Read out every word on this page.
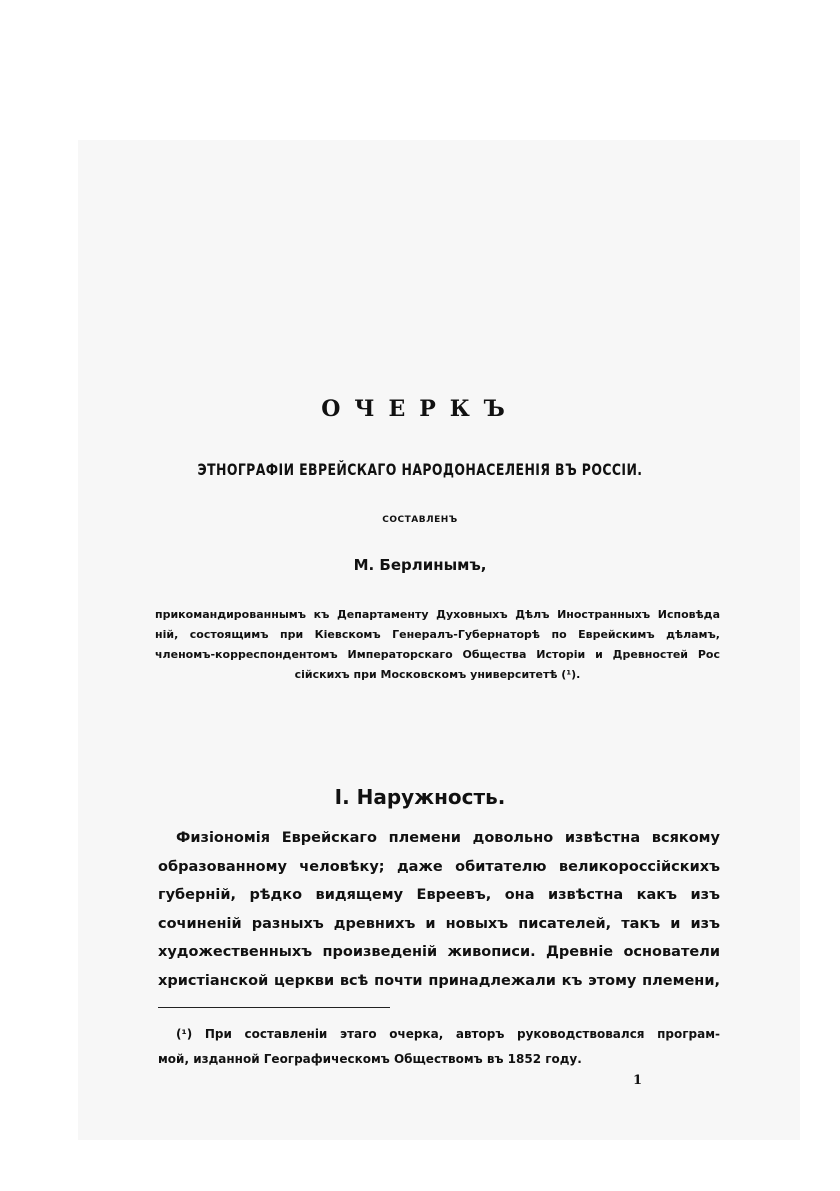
ОЧЕРКЪ
ЭТНОГРАФІИ ЕВРЕЙСКАГО НАРОДОНАСЕЛЕНІЯ ВЪ РОССІИ.
СОСТАВЛЕНЪ
М. Берлинымъ,
прикомандированнымъ къ Департаменту Духовныхъ Дѣлъ Иностранныхъ Исповѣда
ній, состоящимъ при Кіевскомъ Генералъ-Губернаторѣ по Еврейскимъ дѣламъ,
членомъ-корреспондентомъ Императорскаго Общества Исторіи и Древностей Рос
сійскихъ при Московскомъ университетѣ (¹).
I. Наружность.
Физіономія Еврейскаго племени довольно извѣстна всякому
образованному человѣку; даже обитателю великороссійскихъ
губерній, рѣдко видящему Евреевъ, она извѣстна какъ изъ
сочиненій разныхъ древнихъ и новыхъ писателей, такъ и изъ
художественныхъ произведеній живописи. Древніе основатели
христіанской церкви всѣ почти принадлежали къ этому племени,
(¹) При составленіи этаго очерка, авторъ руководствовался програм-
мой, изданной Географическомъ Обществомъ въ 1852 году.
1
